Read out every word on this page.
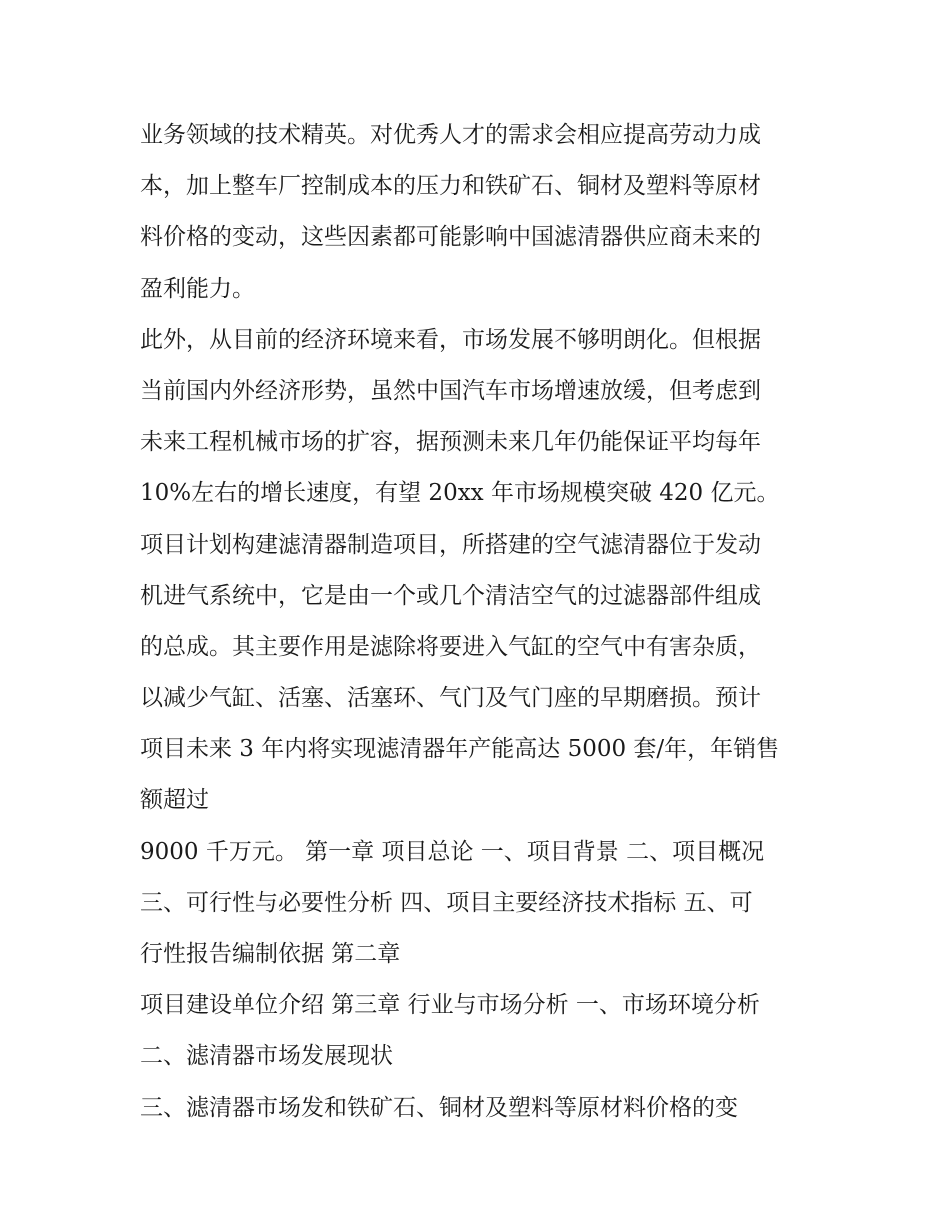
业务领域的技术精英。对优秀人才的需求会相应提高劳动力成
本，加上整车厂控制成本的压力和铁矿石、铜材及塑料等原材
料价格的变动，这些因素都可能影响中国滤清器供应商未来的
盈利能力。
此外，从目前的经济环境来看，市场发展不够明朗化。但根据
当前国内外经济形势，虽然中国汽车市场增速放缓，但考虑到
未来工程机械市场的扩容，据预测未来几年仍能保证平均每年
10%左右的增长速度，有望 20xx 年市场规模突破 420 亿元。
项目计划构建滤清器制造项目，所搭建的空气滤清器位于发动
机进气系统中，它是由一个或几个清洁空气的过滤器部件组成
的总成。其主要作用是滤除将要进入气缸的空气中有害杂质，
以减少气缸、活塞、活塞环、气门及气门座的早期磨损。预计
项目未来 3 年内将实现滤清器年产能高达 5000 套/年，年销售
额超过
9000 千万元。 第一章 项目总论 一、项目背景 二、项目概况
三、可行性与必要性分析 四、项目主要经济技术指标 五、可
行性报告编制依据 第二章
项目建设单位介绍 第三章 行业与市场分析 一、市场环境分析
二、滤清器市场发展现状
三、滤清器市场发和铁矿石、铜材及塑料等原材料价格的变
